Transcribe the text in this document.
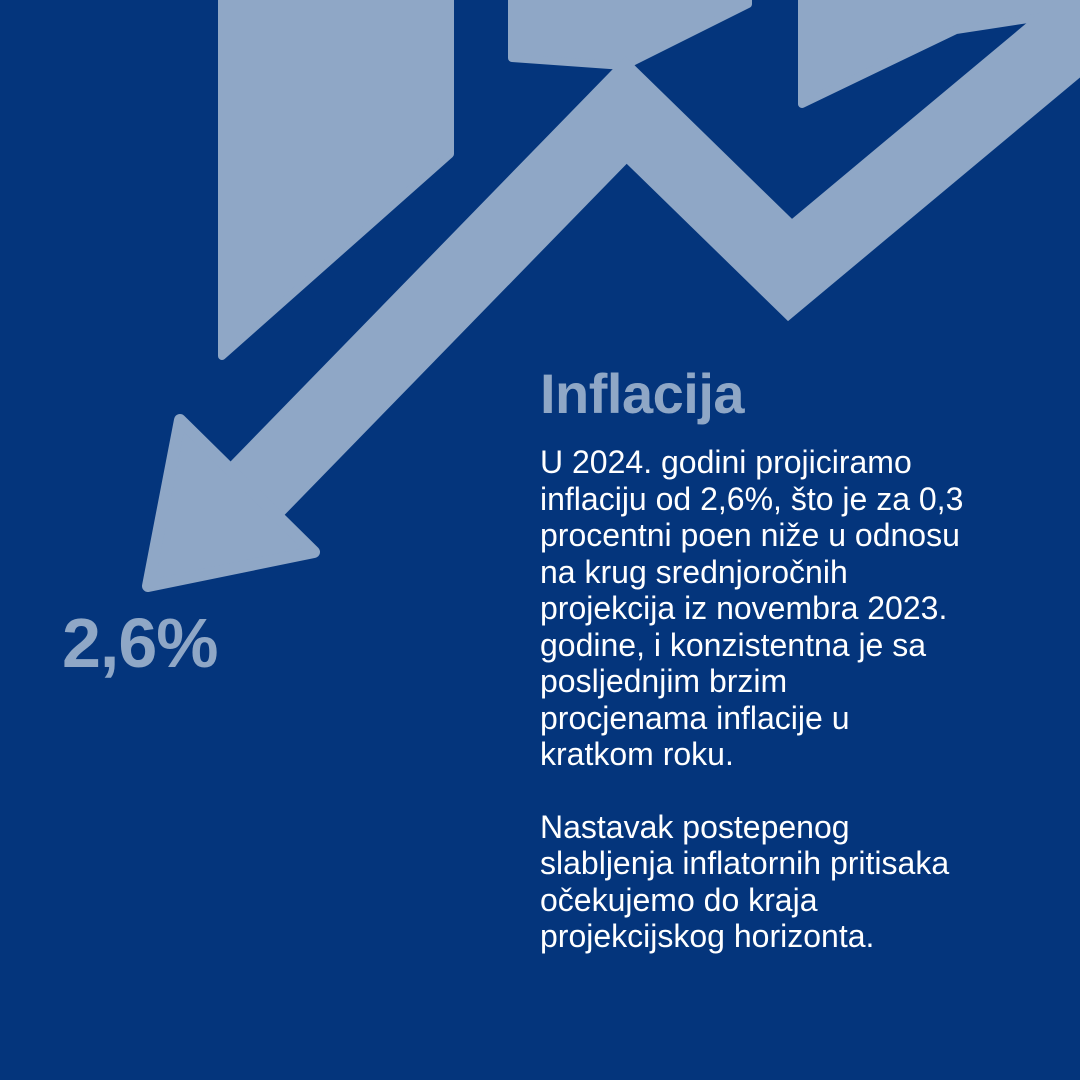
2,6%
Inflacija

U 2024. godini projiciramo
inflaciju od 2,6%, što je za 0,3
procentni poen niže u odnosu
na krug srednjoročnih
projekcija iz novembra 2023.
godine, i konzistentna je sa
posljednjim brzim
procjenama inflacije u
kratkom roku.

Nastavak postepenog
slabljenja inflatornih pritisaka
očekujemo do kraja
projekcijskog horizonta.
